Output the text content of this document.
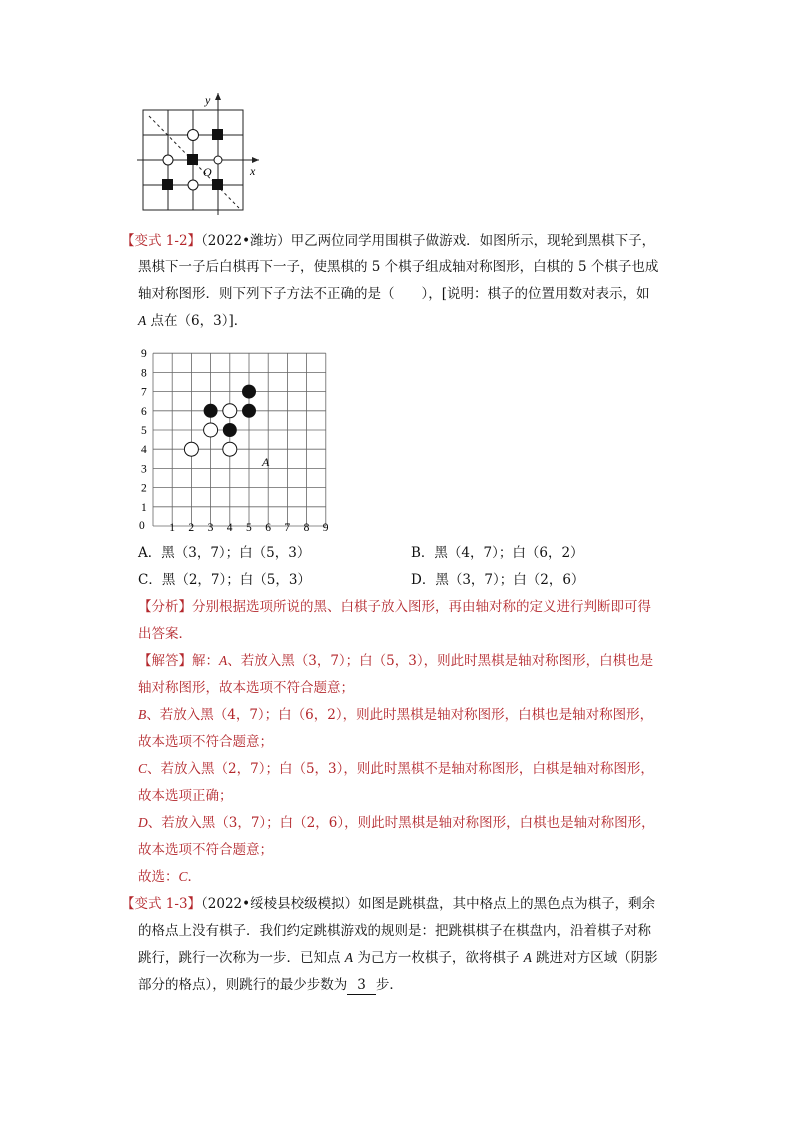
y
x
O
【变式 1-2】（2022•潍坊）甲乙两位同学用围棋子做游戏．如图所示，现轮到黑棋下子，
黑棋下一子后白棋再下一子，使黑棋的 5 个棋子组成轴对称图形，白棋的 5 个棋子也成
轴对称图形．则下列下子方法不正确的是（　　），[说明：棋子的位置用数对表示，如
A 点在（6，3）]．
9
8
7
6
5
4
3
2
1
0 1 2 3 4 5 6 7 8 9
A
A．黑（3，7）；白（5，3）	B．黑（4，7）；白（6，2）
C．黑（2，7）；白（5，3）	D．黑（3，7）；白（2，6）
【分析】分别根据选项所说的黑、白棋子放入图形，再由轴对称的定义进行判断即可得
出答案．
【解答】解：A、若放入黑（3，7）；白（5，3），则此时黑棋是轴对称图形，白棋也是
轴对称图形，故本选项不符合题意；
B、若放入黑（4，7）；白（6，2），则此时黑棋是轴对称图形，白棋也是轴对称图形，
故本选项不符合题意；
C、若放入黑（2，7）；白（5，3），则此时黑棋不是轴对称图形，白棋是轴对称图形，
故本选项正确；
D、若放入黑（3，7）；白（2，6），则此时黑棋是轴对称图形，白棋也是轴对称图形，
故本选项不符合题意；
故选：C．
【变式 1-3】（2022•绥棱县校级模拟）如图是跳棋盘，其中格点上的黑色点为棋子，剩余
的格点上没有棋子．我们约定跳棋游戏的规则是：把跳棋棋子在棋盘内，沿着棋子对称
跳行，跳行一次称为一步．已知点 A 为己方一枚棋子，欲将棋子 A 跳进对方区域（阴影
部分的格点），则跳行的最少步数为 3 步．
